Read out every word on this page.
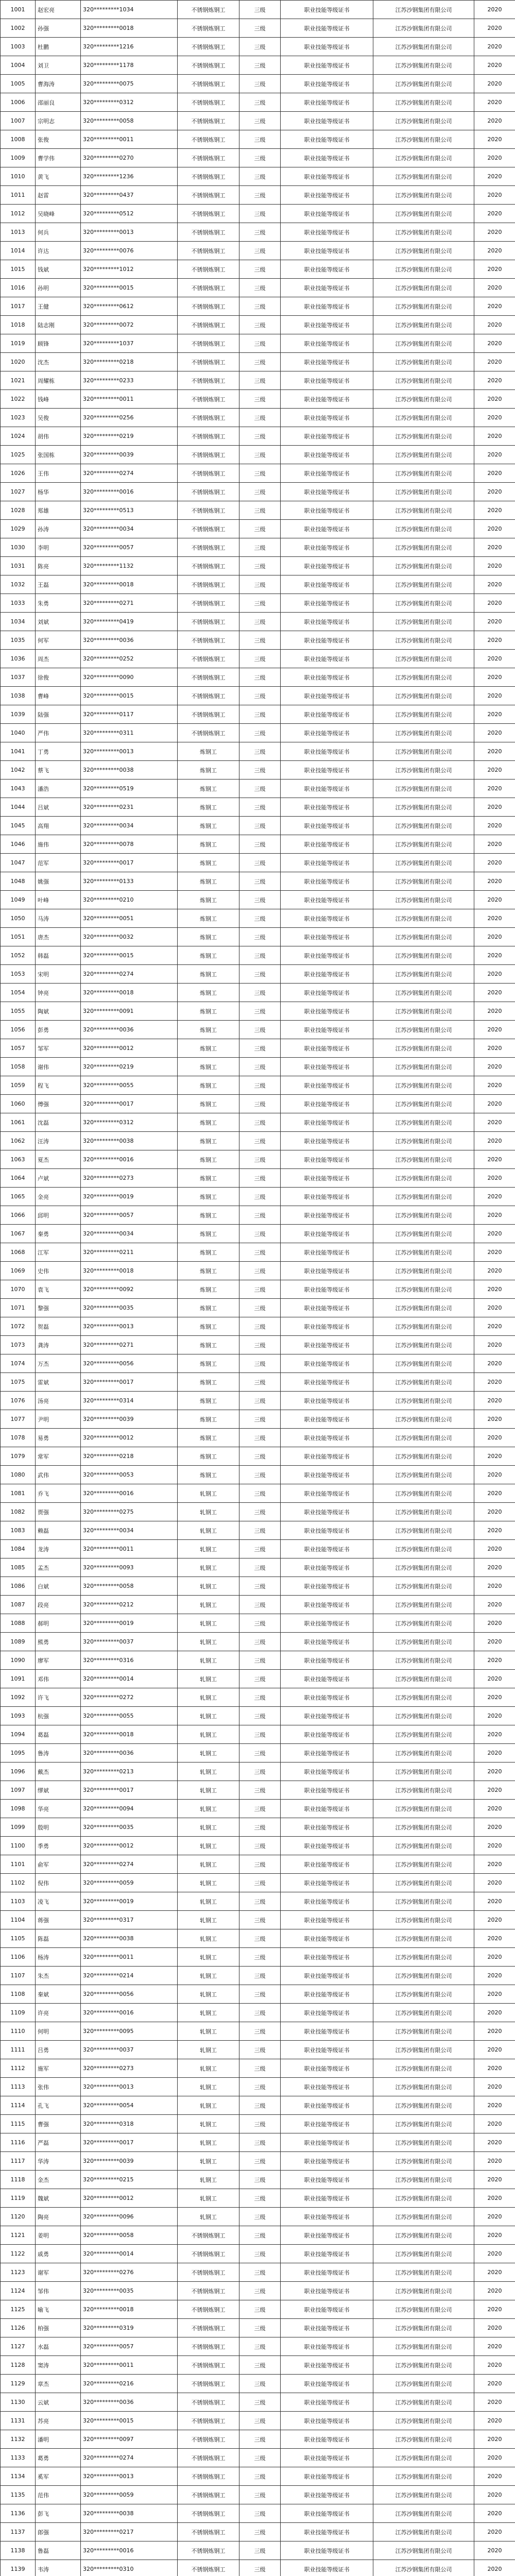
1001	赵宏亮	320*********1034	不锈钢炼钢工	三级	职业技能等级证书	江苏沙钢集团有限公司	2020
1002	孙强	320*********0018	不锈钢炼钢工	三级	职业技能等级证书	江苏沙钢集团有限公司	2020
1003	杜鹏	320*********1216	不锈钢炼钢工	三级	职业技能等级证书	江苏沙钢集团有限公司	2020
1004	刘卫	320*********1178	不锈钢炼钢工	三级	职业技能等级证书	江苏沙钢集团有限公司	2020
1005	曹海涛	320*********0075	不锈钢炼钢工	三级	职业技能等级证书	江苏沙钢集团有限公司	2020
1006	邵丽良	320*********0312	不锈钢炼钢工	三级	职业技能等级证书	江苏沙钢集团有限公司	2020
1007	宗明志	320*********0058	不锈钢炼钢工	三级	职业技能等级证书	江苏沙钢集团有限公司	2020
1008	张俊	320*********0011	不锈钢炼钢工	三级	职业技能等级证书	江苏沙钢集团有限公司	2020
1009	曹学伟	320*********0270	不锈钢炼钢工	三级	职业技能等级证书	江苏沙钢集团有限公司	2020
1010	黄飞	320*********1236	不锈钢炼钢工	三级	职业技能等级证书	江苏沙钢集团有限公司	2020
1011	赵雷	320*********0437	不锈钢炼钢工	三级	职业技能等级证书	江苏沙钢集团有限公司	2020
1012	吴晓峰	320*********0512	不锈钢炼钢工	三级	职业技能等级证书	江苏沙钢集团有限公司	2020
1013	何兵	320*********0013	不锈钢炼钢工	三级	职业技能等级证书	江苏沙钢集团有限公司	2020
1014	许达	320*********0076	不锈钢炼钢工	三级	职业技能等级证书	江苏沙钢集团有限公司	2020
1015	钱斌	320*********1012	不锈钢炼钢工	三级	职业技能等级证书	江苏沙钢集团有限公司	2020
1016	孙明	320*********0015	不锈钢炼钢工	三级	职业技能等级证书	江苏沙钢集团有限公司	2020
1017	王健	320*********0612	不锈钢炼钢工	三级	职业技能等级证书	江苏沙钢集团有限公司	2020
1018	陆志刚	320*********0072	不锈钢炼钢工	三级	职业技能等级证书	江苏沙钢集团有限公司	2020
1019	顾锋	320*********1037	不锈钢炼钢工	三级	职业技能等级证书	江苏沙钢集团有限公司	2020
1020	沈杰	320*********0218	不锈钢炼钢工	三级	职业技能等级证书	江苏沙钢集团有限公司	2020
1021	周耀栋	320*********0233	不锈钢炼钢工	三级	职业技能等级证书	江苏沙钢集团有限公司	2020
1022	钱峰	320*********0011	不锈钢炼钢工	三级	职业技能等级证书	江苏沙钢集团有限公司	2020
1023	吴俊	320*********0256	不锈钢炼钢工	三级	职业技能等级证书	江苏沙钢集团有限公司	2020
1024	胡伟	320*********0219	不锈钢炼钢工	三级	职业技能等级证书	江苏沙钢集团有限公司	2020
1025	张国栋	320*********0039	不锈钢炼钢工	三级	职业技能等级证书	江苏沙钢集团有限公司	2020
1026	王伟	320*********0274	不锈钢炼钢工	三级	职业技能等级证书	江苏沙钢集团有限公司	2020
1027	杨华	320*********0016	不锈钢炼钢工	三级	职业技能等级证书	江苏沙钢集团有限公司	2020
1028	郑雄	320*********0513	不锈钢炼钢工	三级	职业技能等级证书	江苏沙钢集团有限公司	2020
1029	孙涛	320*********0034	不锈钢炼钢工	三级	职业技能等级证书	江苏沙钢集团有限公司	2020
1030	李明	320*********0057	不锈钢炼钢工	三级	职业技能等级证书	江苏沙钢集团有限公司	2020
1031	陈亮	320*********1132	不锈钢炼钢工	三级	职业技能等级证书	江苏沙钢集团有限公司	2020
1032	王磊	320*********0018	不锈钢炼钢工	三级	职业技能等级证书	江苏沙钢集团有限公司	2020
1033	朱勇	320*********0271	不锈钢炼钢工	三级	职业技能等级证书	江苏沙钢集团有限公司	2020
1034	刘斌	320*********0419	不锈钢炼钢工	三级	职业技能等级证书	江苏沙钢集团有限公司	2020
1035	何军	320*********0036	不锈钢炼钢工	三级	职业技能等级证书	江苏沙钢集团有限公司	2020
1036	周杰	320*********0252	不锈钢炼钢工	三级	职业技能等级证书	江苏沙钢集团有限公司	2020
1037	徐俊	320*********0090	不锈钢炼钢工	三级	职业技能等级证书	江苏沙钢集团有限公司	2020
1038	曹峰	320*********0015	不锈钢炼钢工	三级	职业技能等级证书	江苏沙钢集团有限公司	2020
1039	陆强	320*********0117	不锈钢炼钢工	三级	职业技能等级证书	江苏沙钢集团有限公司	2020
1040	严伟	320*********0311	不锈钢炼钢工	三级	职业技能等级证书	江苏沙钢集团有限公司	2020
1041	丁勇	320*********0013	炼钢工	三级	职业技能等级证书	江苏沙钢集团有限公司	2020
1042	蔡飞	320*********0038	炼钢工	三级	职业技能等级证书	江苏沙钢集团有限公司	2020
1043	潘浩	320*********0519	炼钢工	三级	职业技能等级证书	江苏沙钢集团有限公司	2020
1044	吕斌	320*********0231	炼钢工	三级	职业技能等级证书	江苏沙钢集团有限公司	2020
1045	高翔	320*********0034	炼钢工	三级	职业技能等级证书	江苏沙钢集团有限公司	2020
1046	施伟	320*********0078	炼钢工	三级	职业技能等级证书	江苏沙钢集团有限公司	2020
1047	范军	320*********0017	炼钢工	三级	职业技能等级证书	江苏沙钢集团有限公司	2020
1048	姚强	320*********0133	炼钢工	三级	职业技能等级证书	江苏沙钢集团有限公司	2020
1049	叶峰	320*********0210	炼钢工	三级	职业技能等级证书	江苏沙钢集团有限公司	2020
1050	马涛	320*********0051	炼钢工	三级	职业技能等级证书	江苏沙钢集团有限公司	2020
1051	唐杰	320*********0032	炼钢工	三级	职业技能等级证书	江苏沙钢集团有限公司	2020
1052	韩磊	320*********0015	炼钢工	三级	职业技能等级证书	江苏沙钢集团有限公司	2020
1053	宋明	320*********0274	炼钢工	三级	职业技能等级证书	江苏沙钢集团有限公司	2020
1054	钟亮	320*********0018	炼钢工	三级	职业技能等级证书	江苏沙钢集团有限公司	2020
1055	陶斌	320*********0091	炼钢工	三级	职业技能等级证书	江苏沙钢集团有限公司	2020
1056	彭勇	320*********0036	炼钢工	三级	职业技能等级证书	江苏沙钢集团有限公司	2020
1057	邹军	320*********0012	炼钢工	三级	职业技能等级证书	江苏沙钢集团有限公司	2020
1058	谢伟	320*********0219	炼钢工	三级	职业技能等级证书	江苏沙钢集团有限公司	2020
1059	程飞	320*********0055	炼钢工	三级	职业技能等级证书	江苏沙钢集团有限公司	2020
1060	傅强	320*********0017	炼钢工	三级	职业技能等级证书	江苏沙钢集团有限公司	2020
1061	沈磊	320*********0312	炼钢工	三级	职业技能等级证书	江苏沙钢集团有限公司	2020
1062	汪涛	320*********0038	炼钢工	三级	职业技能等级证书	江苏沙钢集团有限公司	2020
1063	夏杰	320*********0016	炼钢工	三级	职业技能等级证书	江苏沙钢集团有限公司	2020
1064	卢斌	320*********0273	炼钢工	三级	职业技能等级证书	江苏沙钢集团有限公司	2020
1065	金亮	320*********0019	炼钢工	三级	职业技能等级证书	江苏沙钢集团有限公司	2020
1066	邱明	320*********0057	炼钢工	三级	职业技能等级证书	江苏沙钢集团有限公司	2020
1067	秦勇	320*********0034	炼钢工	三级	职业技能等级证书	江苏沙钢集团有限公司	2020
1068	江军	320*********0211	炼钢工	三级	职业技能等级证书	江苏沙钢集团有限公司	2020
1069	史伟	320*********0018	炼钢工	三级	职业技能等级证书	江苏沙钢集团有限公司	2020
1070	袁飞	320*********0092	炼钢工	三级	职业技能等级证书	江苏沙钢集团有限公司	2020
1071	黎强	320*********0035	炼钢工	三级	职业技能等级证书	江苏沙钢集团有限公司	2020
1072	贺磊	320*********0013	炼钢工	三级	职业技能等级证书	江苏沙钢集团有限公司	2020
1073	龚涛	320*********0271	炼钢工	三级	职业技能等级证书	江苏沙钢集团有限公司	2020
1074	万杰	320*********0056	炼钢工	三级	职业技能等级证书	江苏沙钢集团有限公司	2020
1075	雷斌	320*********0017	炼钢工	三级	职业技能等级证书	江苏沙钢集团有限公司	2020
1076	汤亮	320*********0314	炼钢工	三级	职业技能等级证书	江苏沙钢集团有限公司	2020
1077	尹明	320*********0039	炼钢工	三级	职业技能等级证书	江苏沙钢集团有限公司	2020
1078	易勇	320*********0012	炼钢工	三级	职业技能等级证书	江苏沙钢集团有限公司	2020
1079	常军	320*********0218	炼钢工	三级	职业技能等级证书	江苏沙钢集团有限公司	2020
1080	武伟	320*********0053	炼钢工	三级	职业技能等级证书	江苏沙钢集团有限公司	2020
1081	乔飞	320*********0016	轧钢工	三级	职业技能等级证书	江苏沙钢集团有限公司	2020
1082	贾强	320*********0275	轧钢工	三级	职业技能等级证书	江苏沙钢集团有限公司	2020
1083	赖磊	320*********0034	轧钢工	三级	职业技能等级证书	江苏沙钢集团有限公司	2020
1084	龙涛	320*********0011	轧钢工	三级	职业技能等级证书	江苏沙钢集团有限公司	2020
1085	孟杰	320*********0093	轧钢工	三级	职业技能等级证书	江苏沙钢集团有限公司	2020
1086	白斌	320*********0058	轧钢工	三级	职业技能等级证书	江苏沙钢集团有限公司	2020
1087	段亮	320*********0212	轧钢工	三级	职业技能等级证书	江苏沙钢集团有限公司	2020
1088	郝明	320*********0019	轧钢工	三级	职业技能等级证书	江苏沙钢集团有限公司	2020
1089	熊勇	320*********0037	轧钢工	三级	职业技能等级证书	江苏沙钢集团有限公司	2020
1090	廖军	320*********0316	轧钢工	三级	职业技能等级证书	江苏沙钢集团有限公司	2020
1091	邓伟	320*********0014	轧钢工	三级	职业技能等级证书	江苏沙钢集团有限公司	2020
1092	许飞	320*********0272	轧钢工	三级	职业技能等级证书	江苏沙钢集团有限公司	2020
1093	杭强	320*********0055	轧钢工	三级	职业技能等级证书	江苏沙钢集团有限公司	2020
1094	葛磊	320*********0018	轧钢工	三级	职业技能等级证书	江苏沙钢集团有限公司	2020
1095	鲁涛	320*********0036	轧钢工	三级	职业技能等级证书	江苏沙钢集团有限公司	2020
1096	戴杰	320*********0213	轧钢工	三级	职业技能等级证书	江苏沙钢集团有限公司	2020
1097	缪斌	320*********0017	轧钢工	三级	职业技能等级证书	江苏沙钢集团有限公司	2020
1098	华亮	320*********0094	轧钢工	三级	职业技能等级证书	江苏沙钢集团有限公司	2020
1099	殷明	320*********0035	轧钢工	三级	职业技能等级证书	江苏沙钢集团有限公司	2020
1100	季勇	320*********0012	轧钢工	三级	职业技能等级证书	江苏沙钢集团有限公司	2020
1101	俞军	320*********0274	轧钢工	三级	职业技能等级证书	江苏沙钢集团有限公司	2020
1102	倪伟	320*********0059	轧钢工	三级	职业技能等级证书	江苏沙钢集团有限公司	2020
1103	凌飞	320*********0019	轧钢工	三级	职业技能等级证书	江苏沙钢集团有限公司	2020
1104	蒋强	320*********0317	轧钢工	三级	职业技能等级证书	江苏沙钢集团有限公司	2020
1105	陈磊	320*********0038	轧钢工	三级	职业技能等级证书	江苏沙钢集团有限公司	2020
1106	杨涛	320*********0011	轧钢工	三级	职业技能等级证书	江苏沙钢集团有限公司	2020
1107	朱杰	320*********0214	轧钢工	三级	职业技能等级证书	江苏沙钢集团有限公司	2020
1108	秦斌	320*********0056	轧钢工	三级	职业技能等级证书	江苏沙钢集团有限公司	2020
1109	许亮	320*********0016	轧钢工	三级	职业技能等级证书	江苏沙钢集团有限公司	2020
1110	何明	320*********0095	轧钢工	三级	职业技能等级证书	江苏沙钢集团有限公司	2020
1111	吕勇	320*********0037	轧钢工	三级	职业技能等级证书	江苏沙钢集团有限公司	2020
1112	施军	320*********0273	轧钢工	三级	职业技能等级证书	江苏沙钢集团有限公司	2020
1113	张伟	320*********0013	轧钢工	三级	职业技能等级证书	江苏沙钢集团有限公司	2020
1114	孔飞	320*********0054	轧钢工	三级	职业技能等级证书	江苏沙钢集团有限公司	2020
1115	曹强	320*********0318	轧钢工	三级	职业技能等级证书	江苏沙钢集团有限公司	2020
1116	严磊	320*********0017	轧钢工	三级	职业技能等级证书	江苏沙钢集团有限公司	2020
1117	华涛	320*********0039	轧钢工	三级	职业技能等级证书	江苏沙钢集团有限公司	2020
1118	金杰	320*********0215	轧钢工	三级	职业技能等级证书	江苏沙钢集团有限公司	2020
1119	魏斌	320*********0012	轧钢工	三级	职业技能等级证书	江苏沙钢集团有限公司	2020
1120	陶亮	320*********0096	轧钢工	三级	职业技能等级证书	江苏沙钢集团有限公司	2020
1121	姜明	320*********0058	不锈钢炼钢工	三级	职业技能等级证书	江苏沙钢集团有限公司	2020
1122	戚勇	320*********0014	不锈钢炼钢工	三级	职业技能等级证书	江苏沙钢集团有限公司	2020
1123	谢军	320*********0276	不锈钢炼钢工	三级	职业技能等级证书	江苏沙钢集团有限公司	2020
1124	邹伟	320*********0035	不锈钢炼钢工	三级	职业技能等级证书	江苏沙钢集团有限公司	2020
1125	喻飞	320*********0018	不锈钢炼钢工	三级	职业技能等级证书	江苏沙钢集团有限公司	2020
1126	柏强	320*********0319	不锈钢炼钢工	三级	职业技能等级证书	江苏沙钢集团有限公司	2020
1127	水磊	320*********0057	不锈钢炼钢工	三级	职业技能等级证书	江苏沙钢集团有限公司	2020
1128	窦涛	320*********0011	不锈钢炼钢工	三级	职业技能等级证书	江苏沙钢集团有限公司	2020
1129	章杰	320*********0216	不锈钢炼钢工	三级	职业技能等级证书	江苏沙钢集团有限公司	2020
1130	云斌	320*********0036	不锈钢炼钢工	三级	职业技能等级证书	江苏沙钢集团有限公司	2020
1131	苏亮	320*********0015	不锈钢炼钢工	三级	职业技能等级证书	江苏沙钢集团有限公司	2020
1132	潘明	320*********0097	不锈钢炼钢工	三级	职业技能等级证书	江苏沙钢集团有限公司	2020
1133	葛勇	320*********0274	不锈钢炼钢工	三级	职业技能等级证书	江苏沙钢集团有限公司	2020
1134	奚军	320*********0013	不锈钢炼钢工	三级	职业技能等级证书	江苏沙钢集团有限公司	2020
1135	范伟	320*********0059	不锈钢炼钢工	三级	职业技能等级证书	江苏沙钢集团有限公司	2020
1136	彭飞	320*********0038	不锈钢炼钢工	三级	职业技能等级证书	江苏沙钢集团有限公司	2020
1137	郎强	320*********0217	不锈钢炼钢工	三级	职业技能等级证书	江苏沙钢集团有限公司	2020
1138	鲁磊	320*********0016	不锈钢炼钢工	三级	职业技能等级证书	江苏沙钢集团有限公司	2020
1139	韦涛	320*********0310	不锈钢炼钢工	三级	职业技能等级证书	江苏沙钢集团有限公司	2020
